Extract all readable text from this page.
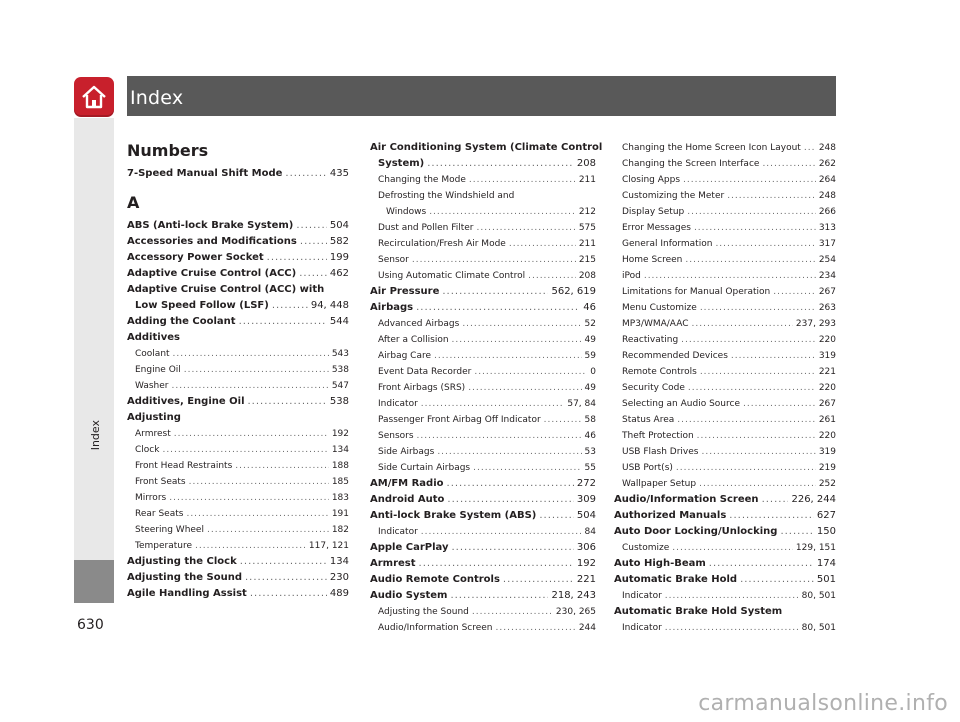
Index
Index
630
Numbers
7-Speed Manual Shift Mode .....	435
A
ABS (Anti-lock Brake System) .....	504
Accessories and Modifications .....	582
Accessory Power Socket .....	199
Adaptive Cruise Control (ACC) .....	462
Adaptive Cruise Control (ACC) with
Low Speed Follow (LSF) .....	94, 448
Adding the Coolant .....	544
Additives
Coolant .....	543
Engine Oil .....	538
Washer .....	547
Additives, Engine Oil .....	538
Adjusting
Armrest .....	192
Clock .....	134
Front Head Restraints .....	188
Front Seats .....	185
Mirrors .....	183
Rear Seats .....	191
Steering Wheel .....	182
Temperature .....	117, 121
Adjusting the Clock .....	134
Adjusting the Sound .....	230
Agile Handling Assist .....	489
Air Conditioning System (Climate Control
System) .....	208
Changing the Mode .....	211
Defrosting the Windshield and
Windows .....	212
Dust and Pollen Filter .....	575
Recirculation/Fresh Air Mode .....	211
Sensor .....	215
Using Automatic Climate Control .....	208
Air Pressure .....	562, 619
Airbags .....	46
Advanced Airbags .....	52
After a Collision .....	49
Airbag Care .....	59
Event Data Recorder .....	0
Front Airbags (SRS) .....	49
Indicator .....	57, 84
Passenger Front Airbag Off Indicator .....	58
Sensors .....	46
Side Airbags .....	53
Side Curtain Airbags .....	55
AM/FM Radio .....	272
Android Auto .....	309
Anti-lock Brake System (ABS) .....	504
Indicator .....	84
Apple CarPlay .....	306
Armrest .....	192
Audio Remote Controls .....	221
Audio System .....	218, 243
Adjusting the Sound .....	230, 265
Audio/Information Screen .....	244
Changing the Home Screen Icon Layout ..... 248
Changing the Screen Interface .....	262
Closing Apps .....	264
Customizing the Meter .....	248
Display Setup .....	266
Error Messages .....	313
General Information .....	317
Home Screen .....	254
iPod .....	234
Limitations for Manual Operation .....	267
Menu Customize .....	263
MP3/WMA/AAC .....	237, 293
Reactivating .....	220
Recommended Devices .....	319
Remote Controls .....	221
Security Code .....	220
Selecting an Audio Source .....	267
Status Area .....	261
Theft Protection .....	220
USB Flash Drives .....	319
USB Port(s) .....	219
Wallpaper Setup .....	252
Audio/Information Screen .....	226, 244
Authorized Manuals .....	627
Auto Door Locking/Unlocking .....	150
Customize .....	129, 151
Auto High-Beam .....	174
Automatic Brake Hold .....	501
Indicator .....	80, 501
Automatic Brake Hold System
Indicator .....	80, 501
carmanualsonline.info
